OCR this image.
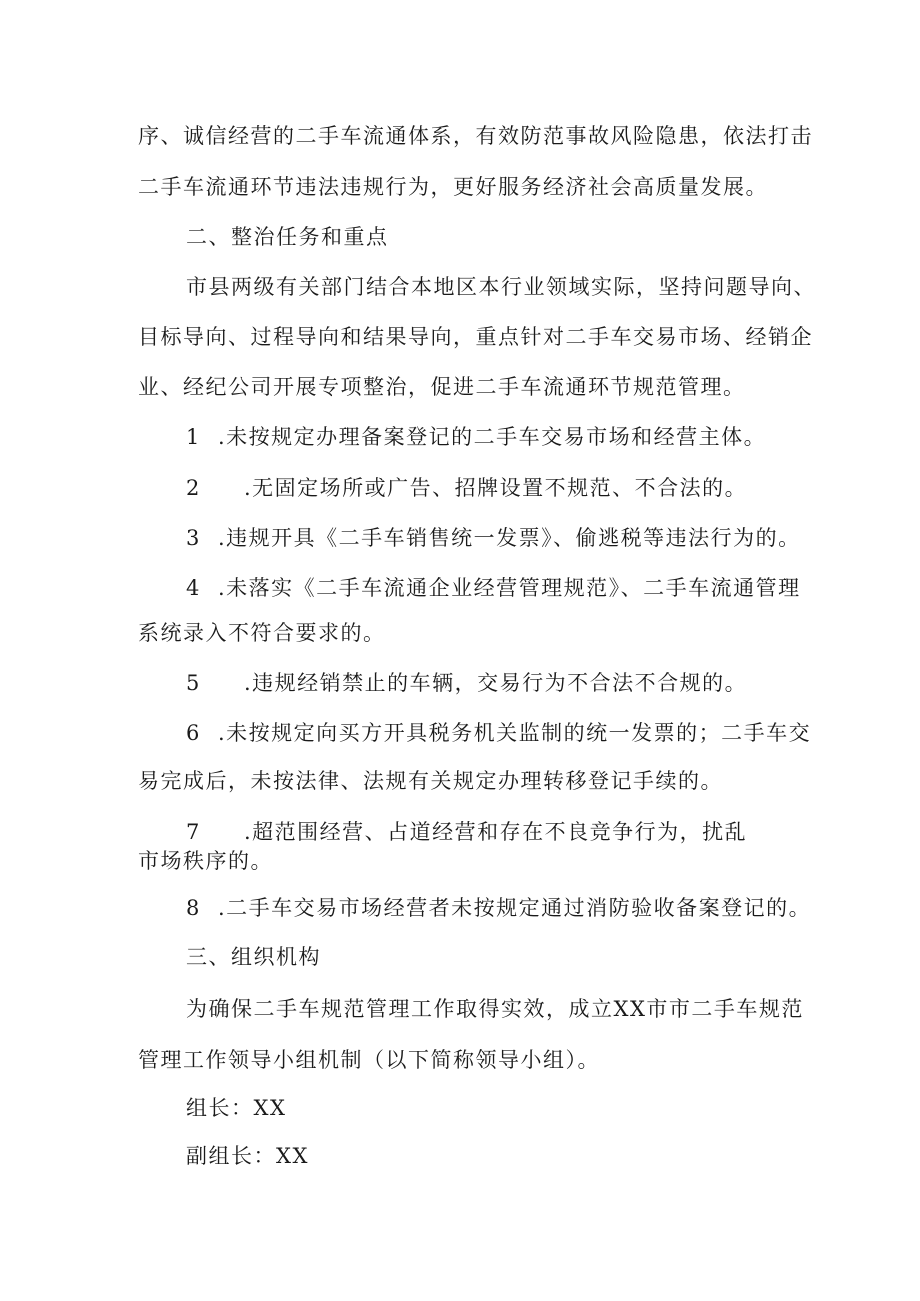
序、诚信经营的二手车流通体系，有效防范事故风险隐患，依法打击
二手车流通环节违法违规行为，更好服务经济社会高质量发展。
二、整治任务和重点
市县两级有关部门结合本地区本行业领域实际，坚持问题导向、
目标导向、过程导向和结果导向，重点针对二手车交易市场、经销企
业、经纪公司开展专项整治，促进二手车流通环节规范管理。
1 .未按规定办理备案登记的二手车交易市场和经营主体。
2 .无固定场所或广告、招牌设置不规范、不合法的。
3 .违规开具《二手车销售统一发票》、偷逃税等违法行为的。
4 .未落实《二手车流通企业经营管理规范》、二手车流通管理
系统录入不符合要求的。
5 .违规经销禁止的车辆，交易行为不合法不合规的。
6 .未按规定向买方开具税务机关监制的统一发票的；二手车交
易完成后，未按法律、法规有关规定办理转移登记手续的。
7 .超范围经营、占道经营和存在不良竞争行为，扰乱
市场秩序的。
8 .二手车交易市场经营者未按规定通过消防验收备案登记的。
三、组织机构
为确保二手车规范管理工作取得实效，成立XX市市二手车规范
管理工作领导小组机制（以下简称领导小组）。
组长：XX
副组长：XX
